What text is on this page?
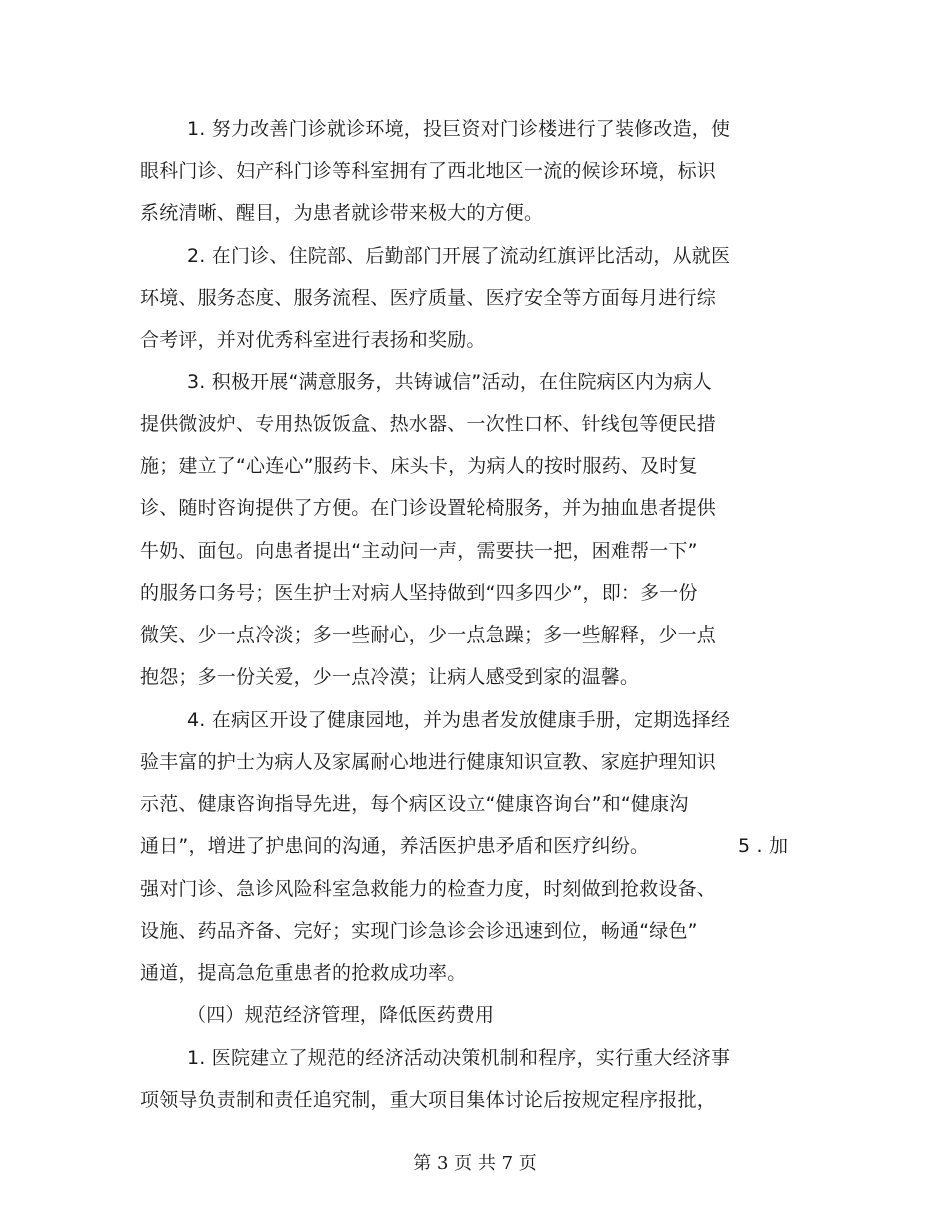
1. 努力改善门诊就诊环境，投巨资对门诊楼进行了装修改造，使
眼科门诊、妇产科门诊等科室拥有了西北地区一流的候诊环境，标识
系统清晰、醒目，为患者就诊带来极大的方便。
2. 在门诊、住院部、后勤部门开展了流动红旗评比活动，从就医
环境、服务态度、服务流程、医疗质量、医疗安全等方面每月进行综
合考评，并对优秀科室进行表扬和奖励。
3. 积极开展“满意服务，共铸诚信”活动，在住院病区内为病人
提供微波炉、专用热饭饭盒、热水器、一次性口杯、针线包等便民措
施；建立了“心连心”服药卡、床头卡，为病人的按时服药、及时复
诊、随时咨询提供了方便。在门诊设置轮椅服务，并为抽血患者提供
牛奶、面包。向患者提出“主动问一声，需要扶一把，困难帮一下”
的服务口务号；医生护士对病人坚持做到“四多四少”，即：多一份
微笑、少一点冷淡；多一些耐心，少一点急躁；多一些解释，少一点
抱怨；多一份关爱，少一点冷漠；让病人感受到家的温馨。
4. 在病区开设了健康园地，并为患者发放健康手册，定期选择经
验丰富的护士为病人及家属耐心地进行健康知识宣教、家庭护理知识
示范、健康咨询指导先进，每个病区设立“健康咨询台”和“健康沟
通日”，增进了护患间的沟通，养活医护患矛盾和医疗纠纷。	5 . 加
强对门诊、急诊风险科室急救能力的检查力度，时刻做到抢救设备、
设施、药品齐备、完好；实现门诊急诊会诊迅速到位，畅通“绿色”
通道，提高急危重患者的抢救成功率。
（四）规范经济管理，降低医药费用
1. 医院建立了规范的经济活动决策机制和程序，实行重大经济事
项领导负责制和责任追究制，重大项目集体讨论后按规定程序报批，
第 3 页 共 7 页
